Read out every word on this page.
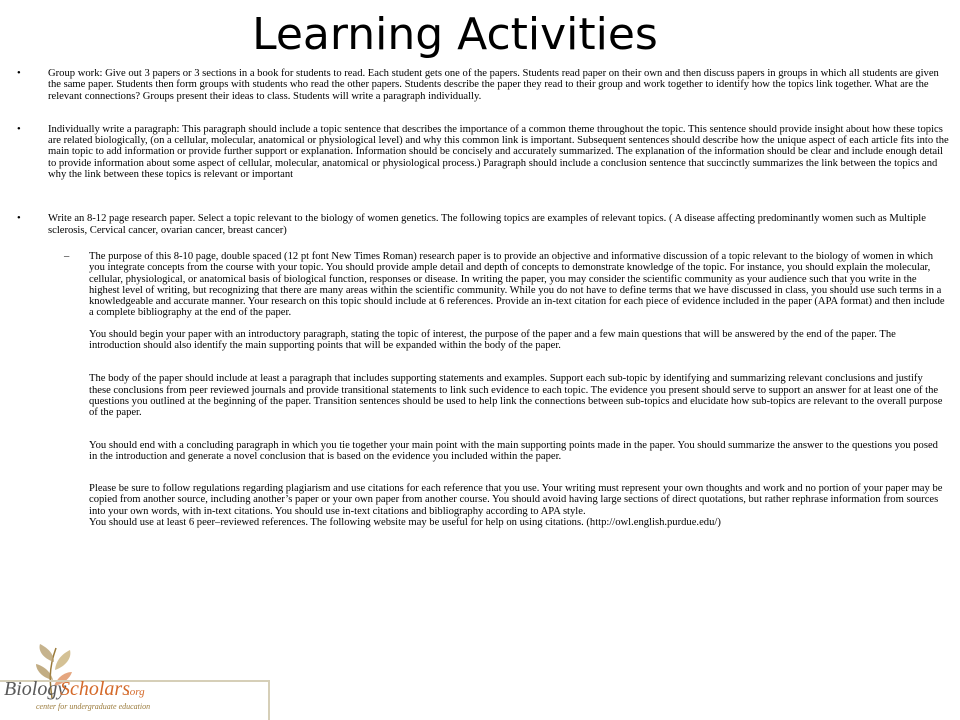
Learning Activities
•	Group work: Give out 3 papers or 3 sections in a book for students to read. Each student gets one of the papers. Students read paper on their own and then discuss papers in groups in which all students are given the same paper. Students then form groups with students who read the other papers. Students describe the paper they read to their group and work together to identify how the topics link together. What are the relevant connections? Groups present their ideas to class. Students will write a paragraph individually.

•	Individually write a paragraph: This paragraph should include a topic sentence that describes the importance of a common theme throughout the topic. This sentence should provide insight about how these topics are related biologically, (on a cellular, molecular, anatomical or physiological level) and why this common link is important. Subsequent sentences should describe how the unique aspect of each article fits into the main topic to add information or provide further support or explanation. Information should be concisely and accurately summarized. The explanation of the information should be clear and include enough detail to provide information about some aspect of cellular, molecular, anatomical or physiological process.) Paragraph should include a conclusion sentence that succinctly summarizes the link between the topics and why the link between these topics is relevant or important

•	Write an 8-12 page research paper. Select a topic relevant to the biology of women genetics. The following topics are examples of relevant topics. ( A disease affecting predominantly women such as Multiple sclerosis, Cervical cancer, ovarian cancer, breast cancer)

– The purpose of this 8-10 page, double spaced (12 pt font New Times Roman) research paper is to provide an objective and informative discussion of a topic relevant to the biology of women in which you integrate concepts from the course with your topic. You should provide ample detail and depth of concepts to demonstrate knowledge of the topic. For instance, you should explain the molecular, cellular, physiological, or anatomical basis of biological function, responses or disease. In writing the paper, you may consider the scientific community as your audience such that you write in the highest level of writing, but recognizing that there are many areas within the scientific community. While you do not have to define terms that we have discussed in class, you should use such terms in a knowledgeable and accurate manner. Your research on this topic should include at 6 references. Provide an in-text citation for each piece of evidence included in the paper (APA format) and then include a complete bibliography at the end of the paper.

You should begin your paper with an introductory paragraph, stating the topic of interest, the purpose of the paper and a few main questions that will be answered by the end of the paper. The introduction should also identify the main supporting points that will be expanded within the body of the paper.

The body of the paper should include at least a paragraph that includes supporting statements and examples. Support each sub-topic by identifying and summarizing relevant conclusions and justify these conclusions from peer reviewed journals and provide transitional statements to link such evidence to each topic. The evidence you present should serve to support an answer for at least one of the questions you outlined at the beginning of the paper. Transition sentences should be used to help link the connections between sub-topics and elucidate how sub-topics are relevant to the overall purpose of the paper.

You should end with a concluding paragraph in which you tie together your main point with the main supporting points made in the paper. You should summarize the answer to the questions you posed in the introduction and generate a novel conclusion that is based on the evidence you included within the paper.

Please be sure to follow regulations regarding plagiarism and use citations for each reference that you use. Your writing must represent your own thoughts and work and no portion of your paper may be copied from another source, including another’s paper or your own paper from another course. You should avoid having large sections of direct quotations, but rather rephrase information from sources into your own words, with in-text citations. You should use in-text citations and bibliography according to APA style.

You should use at least 6 peer–reviewed references. The following website may be useful for help on using citations. (http://owl.english.purdue.edu/)

Biology
Scholars
.org
center for undergraduate education
